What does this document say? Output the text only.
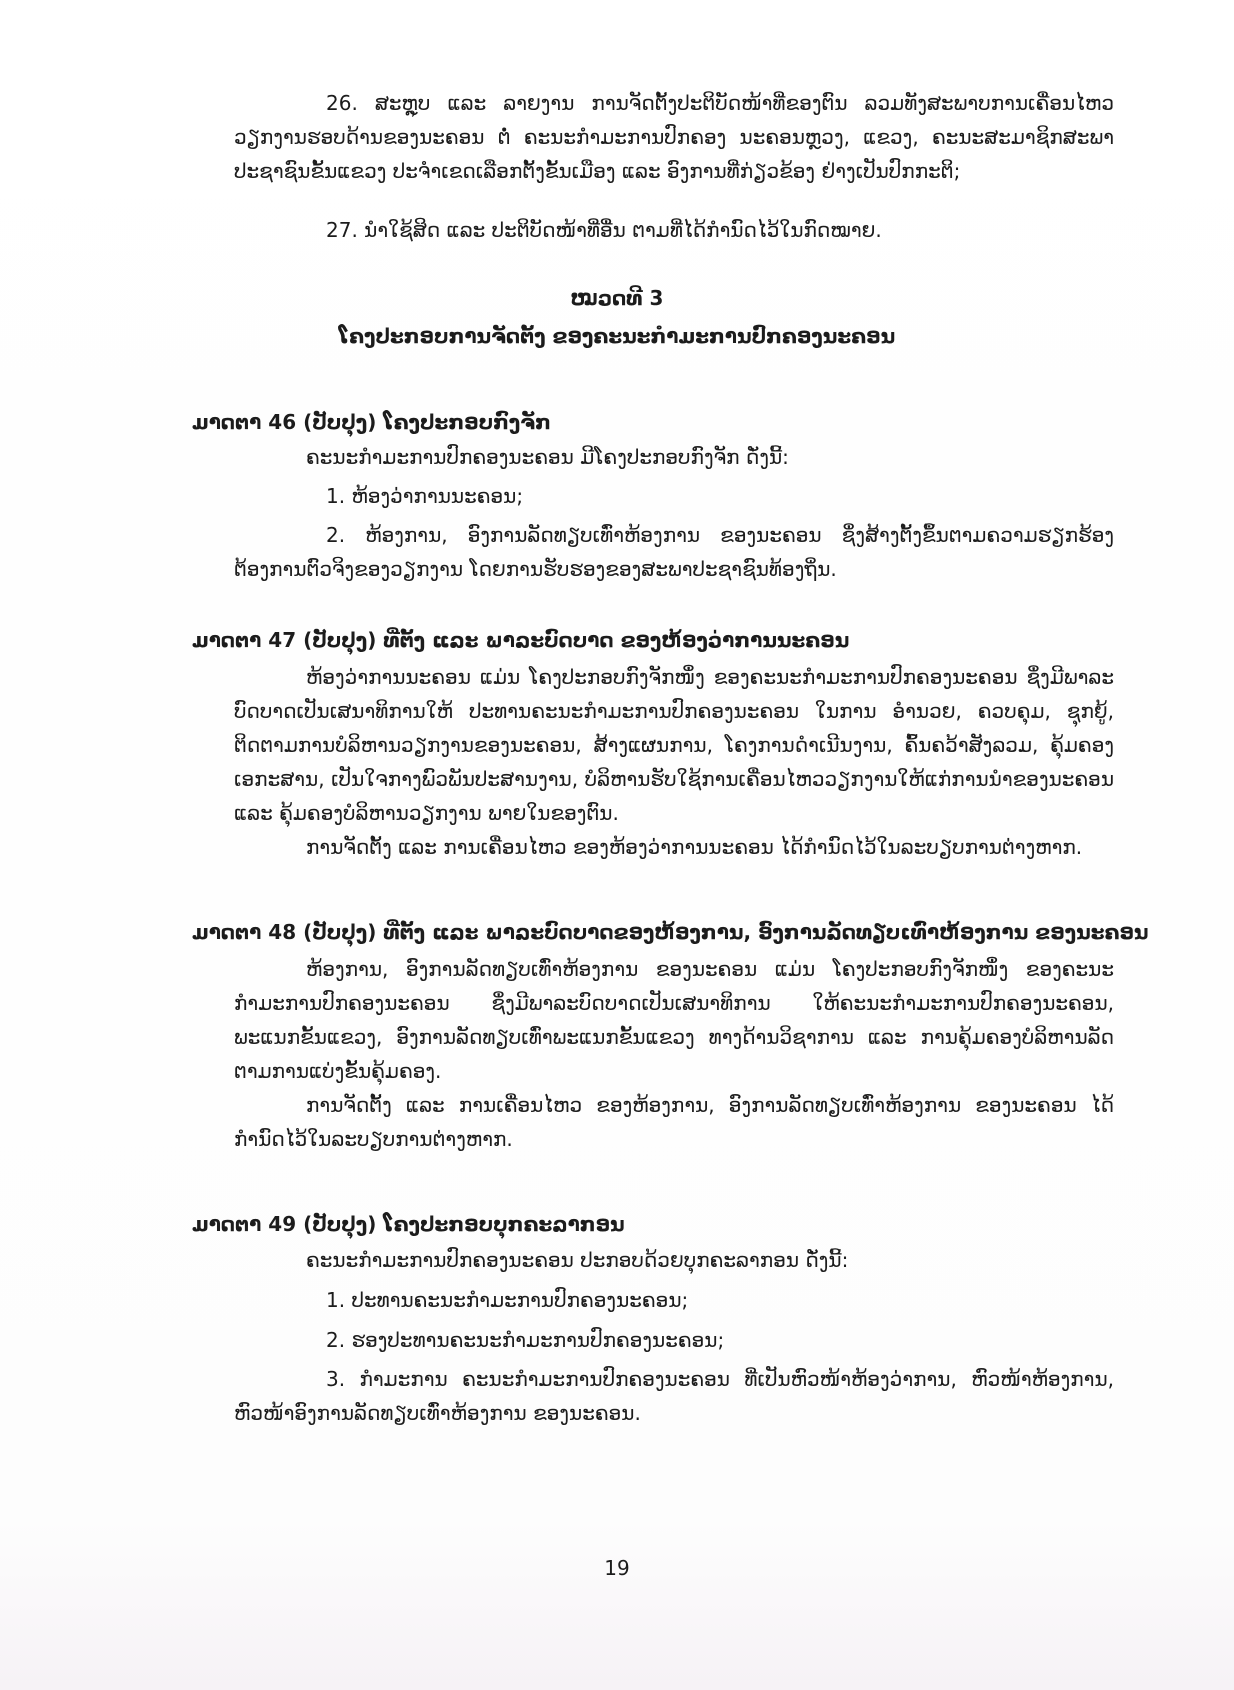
26. ສະຫຼຸບ ແລະ ລາຍງານ ການຈັດຕັ້ງປະຕິບັດໜ້າທີ່ຂອງຕົນ ລວມທັງສະພາບການເຄື່ອນໄຫວວຽກງານຮອບດ້ານຂອງນະຄອນ ຕໍ່ ຄະນະກຳມະການປົກຄອງ ນະຄອນຫຼວງ, ແຂວງ, ຄະນະສະມາຊິກສະພາປະຊາຊົນຂັ້ນແຂວງ ປະຈຳເຂດເລືອກຕັ້ງຂັ້ນເມືອງ ແລະ ອົງການທີ່ກ່ຽວຂ້ອງ ຢ່າງເປັນປົກກະຕິ;

27. ນຳໃຊ້ສິດ ແລະ ປະຕິບັດໜ້າທີ່ອື່ນ ຕາມທີ່ໄດ້ກຳນົດໄວ້ໃນກົດໝາຍ.

ໝວດທີ 3

ໂຄງປະກອບການຈັດຕັ້ງ ຂອງຄະນະກຳມະການປົກຄອງນະຄອນ

ມາດຕາ 46 (ປັບປຸງ) ໂຄງປະກອບກົງຈັກ

ຄະນະກຳມະການປົກຄອງນະຄອນ ມີໂຄງປະກອບກົງຈັກ ດັ່ງນີ້:

1. ຫ້ອງວ່າການນະຄອນ;

2. ຫ້ອງການ, ອົງການລັດທຽບເທົ່າຫ້ອງການ ຂອງນະຄອນ ຊຶ່ງສ້າງຕັ້ງຂຶ້ນຕາມຄວາມຮຽກຮ້ອງຕ້ອງການຕົວຈິງຂອງວຽກງານ ໂດຍການຮັບຮອງຂອງສະພາປະຊາຊົນທ້ອງຖິ່ນ.

ມາດຕາ 47 (ປັບປຸງ) ທີ່ຕັ້ງ ແລະ ພາລະບົດບາດ ຂອງຫ້ອງວ່າການນະຄອນ

ຫ້ອງວ່າການນະຄອນ ແມ່ນ ໂຄງປະກອບກົງຈັກໜຶ່ງ ຂອງຄະນະກຳມະການປົກຄອງນະຄອນ ຊຶ່ງມີພາລະບົດບາດເປັນເສນາທິການໃຫ້ ປະທານຄະນະກຳມະການປົກຄອງນະຄອນ ໃນການ ອຳນວຍ, ຄວບຄຸມ, ຊຸກຍູ້, ຕິດຕາມການບໍລິຫານວຽກງານຂອງນະຄອນ, ສ້າງແຜນການ, ໂຄງການດຳເນີນງານ, ຄົ້ນຄວ້າສັງລວມ, ຄຸ້ມຄອງເອກະສານ, ເປັນໃຈກາງພົວພັນປະສານງານ, ບໍລິຫານຮັບໃຊ້ການເຄື່ອນໄຫວວຽກງານໃຫ້ແກ່ການນຳຂອງນະຄອນ ແລະ ຄຸ້ມຄອງບໍລິຫານວຽກງານ ພາຍໃນຂອງຕົນ.

ການຈັດຕັ້ງ ແລະ ການເຄື່ອນໄຫວ ຂອງຫ້ອງວ່າການນະຄອນ ໄດ້ກຳນົດໄວ້ໃນລະບຽບການຕ່າງຫາກ.

ມາດຕາ 48 (ປັບປຸງ) ທີ່ຕັ້ງ ແລະ ພາລະບົດບາດຂອງຫ້ອງການ, ອົງການລັດທຽບເທົ່າຫ້ອງການ ຂອງນະຄອນ

ຫ້ອງການ, ອົງການລັດທຽບເທົ່າຫ້ອງການ ຂອງນະຄອນ ແມ່ນ ໂຄງປະກອບກົງຈັກໜຶ່ງ ຂອງຄະນະກຳມະການປົກຄອງນະຄອນ ຊຶ່ງມີພາລະບົດບາດເປັນເສນາທິການ ໃຫ້ຄະນະກຳມະການປົກຄອງນະຄອນ, ພະແນກຂັ້ນແຂວງ, ອົງການລັດທຽບເທົ່າພະແນກຂັ້ນແຂວງ ທາງດ້ານວິຊາການ ແລະ ການຄຸ້ມຄອງບໍລິຫານລັດຕາມການແບ່ງຂັ້ນຄຸ້ມຄອງ.

ການຈັດຕັ້ງ ແລະ ການເຄື່ອນໄຫວ ຂອງຫ້ອງການ, ອົງການລັດທຽບເທົ່າຫ້ອງການ ຂອງນະຄອນ ໄດ້ກຳນົດໄວ້ໃນລະບຽບການຕ່າງຫາກ.

ມາດຕາ 49 (ປັບປຸງ) ໂຄງປະກອບບຸກຄະລາກອນ

ຄະນະກຳມະການປົກຄອງນະຄອນ ປະກອບດ້ວຍບຸກຄະລາກອນ ດັ່ງນີ້:

1. ປະທານຄະນະກຳມະການປົກຄອງນະຄອນ;

2. ຮອງປະທານຄະນະກຳມະການປົກຄອງນະຄອນ;

3. ກຳມະການ ຄະນະກຳມະການປົກຄອງນະຄອນ ທີ່ເປັນຫົວໜ້າຫ້ອງວ່າການ, ຫົວໜ້າຫ້ອງການ, ຫົວໜ້າອົງການລັດທຽບເທົ່າຫ້ອງການ ຂອງນະຄອນ.

19
